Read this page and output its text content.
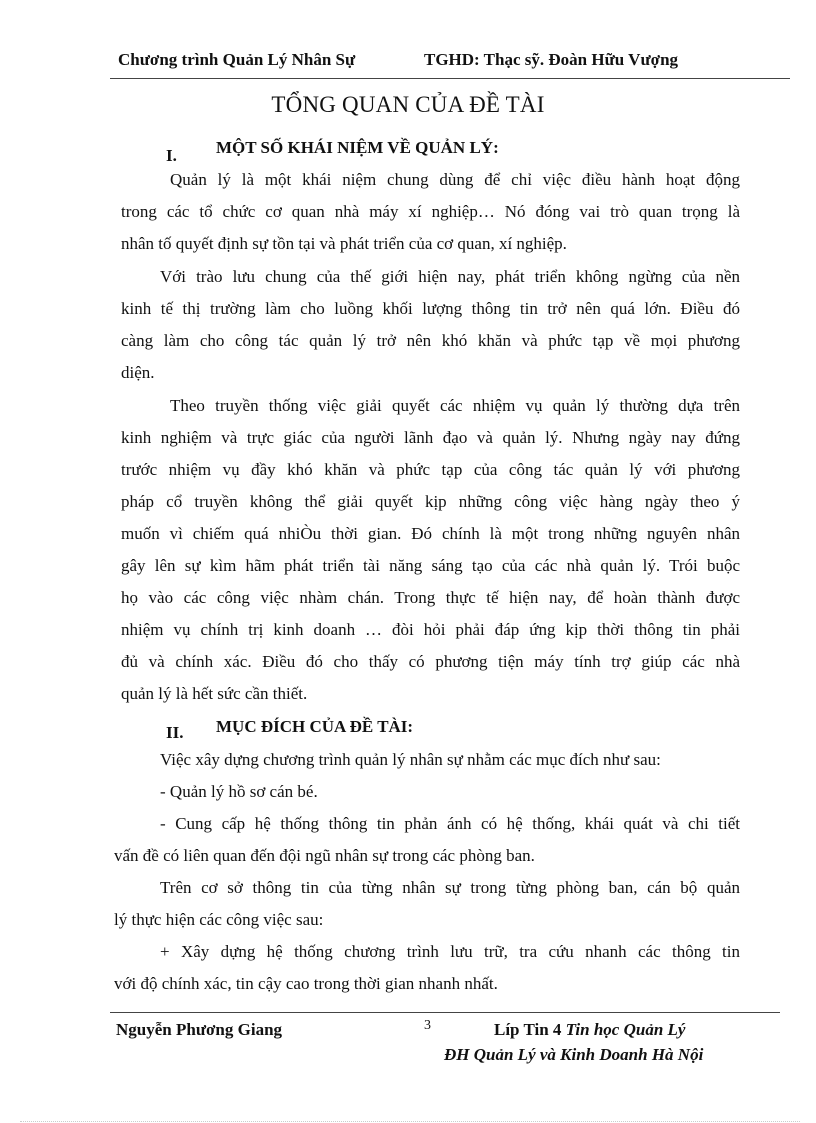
Chương trình Quản Lý Nhân Sự	TGHD: Thạc sỹ. Đoàn Hữu Vượng
TỔNG QUAN CỦA ĐỀ TÀI
I. MỘT SỐ KHÁI NIỆM VỀ QUẢN LÝ:
Quản lý là một khái niệm chung dùng để chỉ việc điều hành hoạt động
trong các tổ chức cơ quan nhà máy xí nghiệp… Nó đóng vai trò quan trọng là
nhân tố quyết định sự tồn tại và phát triển của cơ quan, xí nghiệp.
Với trào lưu chung của thế giới hiện nay, phát triển không ngừng của nền
kinh tế thị trường làm cho luồng khối lượng thông tin trở nên quá lớn. Điều đó
càng làm cho công tác quản lý trở nên khó khăn và phức tạp về mọi phương
diện.
Theo truyền thống việc giải quyết các nhiệm vụ quản lý thường dựa trên
kinh nghiệm và trực giác của người lãnh đạo và quản lý. Nhưng ngày nay đứng
trước nhiệm vụ đầy khó khăn và phức tạp của công tác quản lý với phương
pháp cổ truyền không thể giải quyết kịp những công việc hàng ngày theo ý
muốn vì chiếm quá nhiÒu thời gian. Đó chính là một trong những nguyên nhân
gây lên sự kìm hãm phát triển tài năng sáng tạo của các nhà quản lý. Trói buộc
họ vào các công việc nhàm chán. Trong thực tế hiện nay, để hoàn thành được
nhiệm vụ chính trị kinh doanh … đòi hỏi phải đáp ứng kịp thời thông tin phải
đủ và chính xác. Điều đó cho thấy có phương tiện máy tính trợ giúp các nhà
quản lý là hết sức cần thiết.
II. MỤC ĐÍCH CỦA ĐỀ TÀI:
Việc xây dựng chương trình quản lý nhân sự nhằm các mục đích như sau:
- Quản lý hồ sơ cán bé.
- Cung cấp hệ thống thông tin phản ánh có hệ thống, khái quát và chi tiết
vấn đề có liên quan đến đội ngũ nhân sự trong các phòng ban.
Trên cơ sở thông tin của từng nhân sự trong từng phòng ban, cán bộ quản
lý thực hiện các công việc sau:
+ Xây dựng hệ thống chương trình lưu trữ, tra cứu nhanh các thông tin
với độ chính xác, tin cậy cao trong thời gian nhanh nhất.
Nguyễn Phương Giang	3	Líp Tin 4 Tin học Quản Lý
ĐH Quản Lý và Kinh Doanh Hà Nội
